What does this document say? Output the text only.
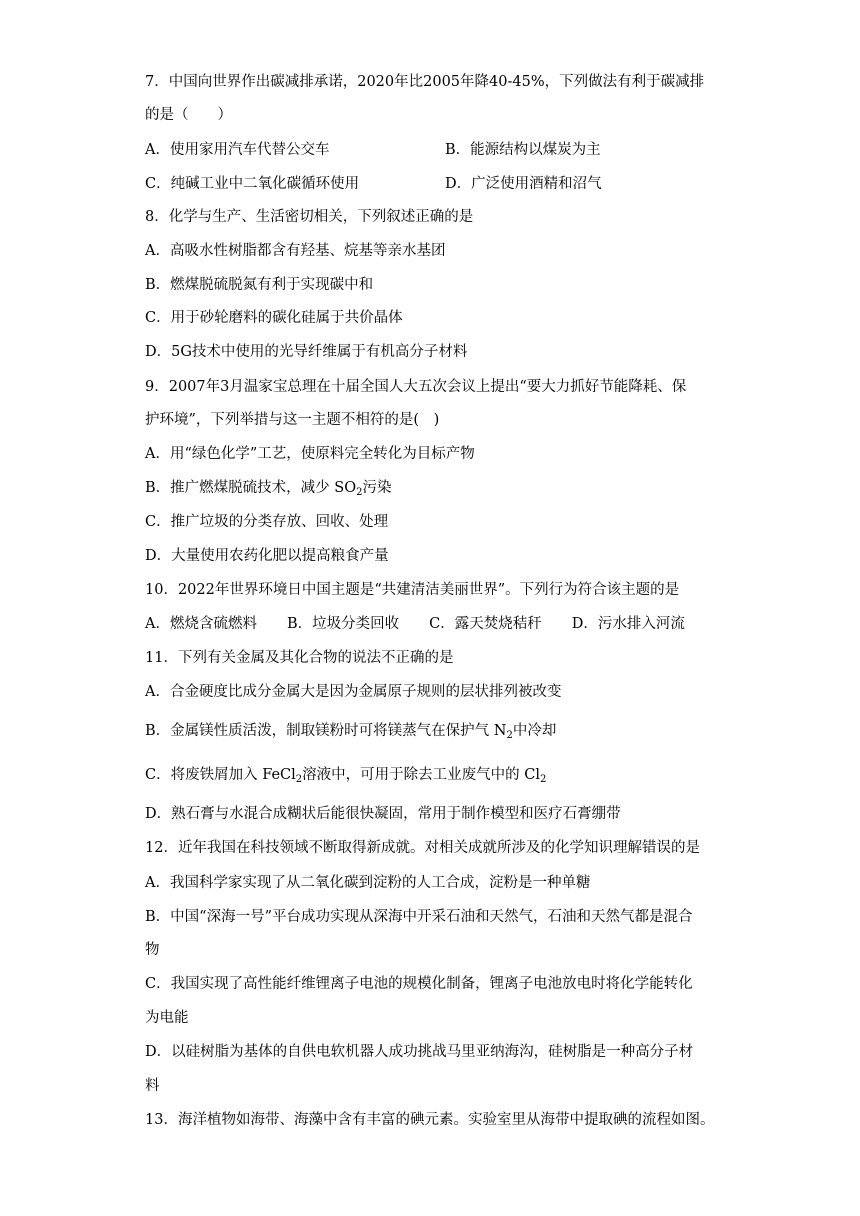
7．中国向世界作出碳减排承诺，2020年比2005年降40-45%，下列做法有利于碳减排
的是（　　）
A．使用家用汽车代替公交车	B．能源结构以煤炭为主
C．纯碱工业中二氧化碳循环使用	D．广泛使用酒精和沼气
8．化学与生产、生活密切相关，下列叙述正确的是
A．高吸水性树脂都含有羟基、烷基等亲水基团
B．燃煤脱硫脱氮有利于实现碳中和
C．用于砂轮磨料的碳化硅属于共价晶体
D．5G技术中使用的光导纤维属于有机高分子材料
9．2007年3月温家宝总理在十届全国人大五次会议上提出“要大力抓好节能降耗、保
护环境”，下列举措与这一主题不相符的是(　)
A．用“绿色化学”工艺，使原料完全转化为目标产物
B．推广燃煤脱硫技术，减少 $SO_2$污染
C．推广垃圾的分类存放、回收、处理
D．大量使用农药化肥以提高粮食产量
10．2022年世界环境日中国主题是“共建清洁美丽世界”。下列行为符合该主题的是
A．燃烧含硫燃料 B．垃圾分类回收 C．露天焚烧秸秆 D．污水排入河流
11．下列有关金属及其化合物的说法不正确的是
A．合金硬度比成分金属大是因为金属原子规则的层状排列被改变
B．金属镁性质活泼，制取镁粉时可将镁蒸气在保护气 $N_2$中冷却
C．将废铁屑加入 FeCl$_2$溶液中，可用于除去工业废气中的 $Cl_2$
D．熟石膏与水混合成糊状后能很快凝固，常用于制作模型和医疗石膏绷带
12．近年我国在科技领域不断取得新成就。对相关成就所涉及的化学知识理解错误的是
A．我国科学家实现了从二氧化碳到淀粉的人工合成，淀粉是一种单糖
B．中国“深海一号”平台成功实现从深海中开采石油和天然气，石油和天然气都是混合
物
C．我国实现了高性能纤维锂离子电池的规模化制备，锂离子电池放电时将化学能转化
为电能
D．以硅树脂为基体的自供电软机器人成功挑战马里亚纳海沟，硅树脂是一种高分子材
料
13．海洋植物如海带、海藻中含有丰富的碘元素。实验室里从海带中提取碘的流程如图。
